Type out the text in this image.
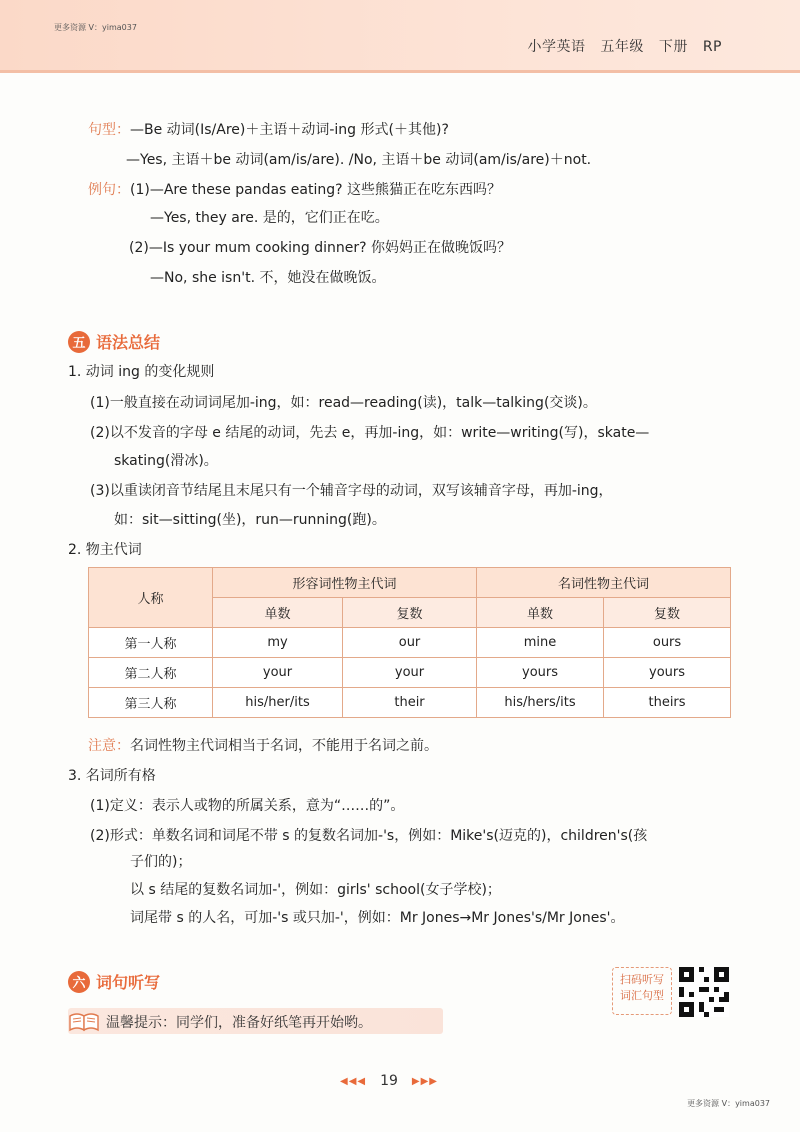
更多资源 V：yima037
小学英语 五年级 下册 RP
句型：—Be 动词(Is/Are)＋主语＋动词-ing 形式(＋其他)?
—Yes, 主语＋be 动词(am/is/are). /No, 主语＋be 动词(am/is/are)＋not.
例句：(1)—Are these pandas eating? 这些熊猫正在吃东西吗？
—Yes, they are. 是的，它们正在吃。
(2)—Is your mum cooking dinner? 你妈妈正在做晚饭吗？
—No, she isn't. 不，她没在做晚饭。
五 语法总结
1. 动词 ing 的变化规则
(1)一般直接在动词词尾加-ing，如：read—reading(读)，talk—talking(交谈)。
(2)以不发音的字母 e 结尾的动词，先去 e，再加-ing，如：write—writing(写)，skate—
skating(滑冰)。
(3)以重读闭音节结尾且末尾只有一个辅音字母的动词，双写该辅音字母，再加-ing，
如：sit—sitting(坐)，run—running(跑)。
2. 物主代词
人称	形容词性物主代词		名词性物主代词	
	单数	复数	单数	复数
第一人称	my	our	mine	ours
第二人称	your	your	yours	yours
第三人称	his/her/its	their	his/hers/its	theirs
注意：名词性物主代词相当于名词，不能用于名词之前。
3. 名词所有格
(1)定义：表示人或物的所属关系，意为“……的”。
(2)形式：单数名词和词尾不带 s 的复数名词加-'s，例如：Mike's(迈克的)，children's(孩
子们的)；
以 s 结尾的复数名词加-'，例如：girls' school(女子学校)；
词尾带 s 的人名，可加-'s 或只加-'，例如：Mr Jones→Mr Jones's/Mr Jones'。
六 词句听写
温馨提示：同学们，准备好纸笔再开始哟。
扫码听写
词汇句型
◀◀◀ 19 ▶▶▶
更多资源 V：yima037
